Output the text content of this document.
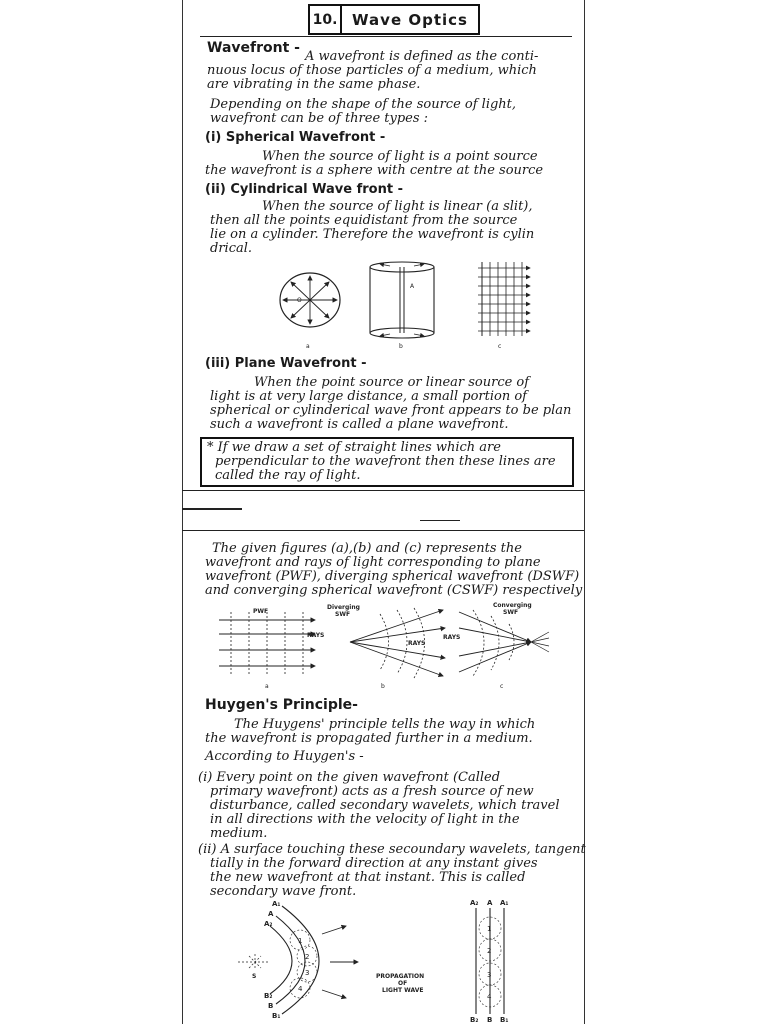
10. Wave Optics
Wavefront -
A wavefront is defined as the conti-
nuous locus of those particles of a medium, which
are vibrating in the same phase.
Depending on the shape of the source of light,
wavefront can be of three types :
(i) Spherical Wavefront -
When the source of light is a point source
the wavefront is a sphere with centre at the source
(ii) Cylindrical Wave front -
When the source of light is linear (a slit),
then all the points equidistant from the source
lie on a cylinder. Therefore the wavefront is cylin
drical.
O
A
a	b	c
(iii) Plane Wavefront -
When the point source or linear source of
light is at very large distance, a small portion of
spherical or cylinderical wave front appears to be plan
such a wavefront is called a plane wavefront.
* If we draw a set of straight lines which are
perpendicular to the wavefront then these lines are
called the ray of light.
The given figures (a),(b) and (c) represents the
wavefront and rays of light corresponding to plane
wavefront (PWF), diverging spherical wavefront (DSWF)
and converging spherical wavefront (CSWF) respectively
PWF
RAYS
Diverging
SWF
RAYS
Converging
SWF
RAYS
a	b	c
Huygen's Principle-
The Huygens' principle tells the way in which
the wavefront is propagated further in a medium.
According to Huygen's -
(i) Every point on the given wavefront (Called
primary wavefront) acts as a fresh source of new
disturbance, called secondary wavelets, which travel
in all directions with the velocity of light in the
medium.
(ii) A surface touching these secoundary wavelets, tangent
tially in the forward direction at any instant gives
the new wavefront at that instant. This is called
secondary wave front.
A₁
A
A₂
S
B₂
B
B₁
1
2
3
4
PROPAGATION
OF
LIGHT WAVE
A₂ A A₁
B₂ B B₁
1
2
3
4
